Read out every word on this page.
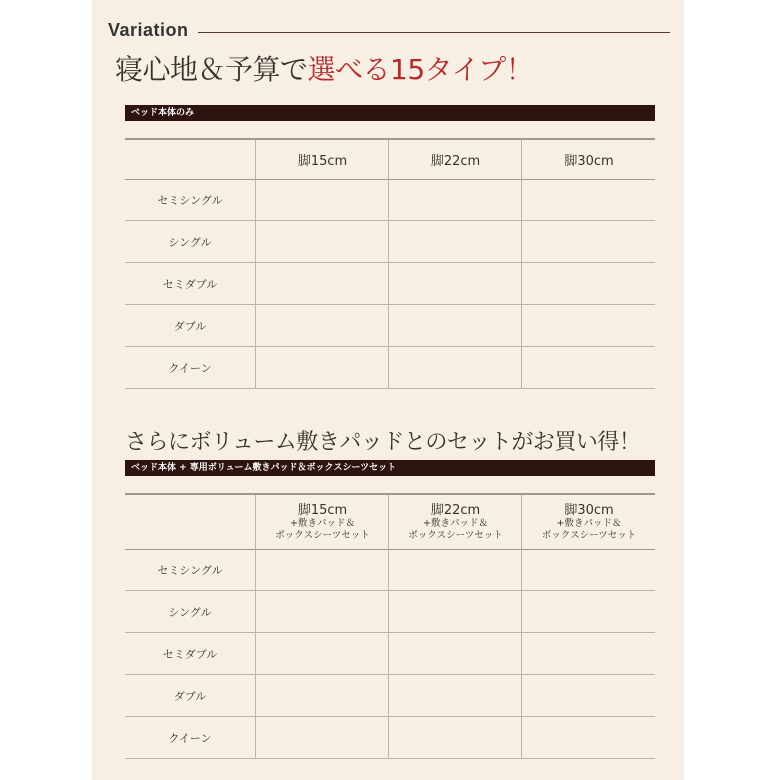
Variation
寝心地＆予算で選べる15タイプ！
ベッド本体のみ
脚15cm	脚22cm	脚30cm
セミシングル
シングル
セミダブル
ダブル
クイーン
さらにボリューム敷きパッドとのセットがお買い得！
ベッド本体 + 専用ボリューム敷きパッド＆ボックスシーツセット
脚15cm
+敷きパッド＆
ボックスシーツセット
脚22cm
+敷きパッド＆
ボックスシーツセット
脚30cm
+敷きパッド＆
ボックスシーツセット
セミシングル
シングル
セミダブル
ダブル
クイーン
